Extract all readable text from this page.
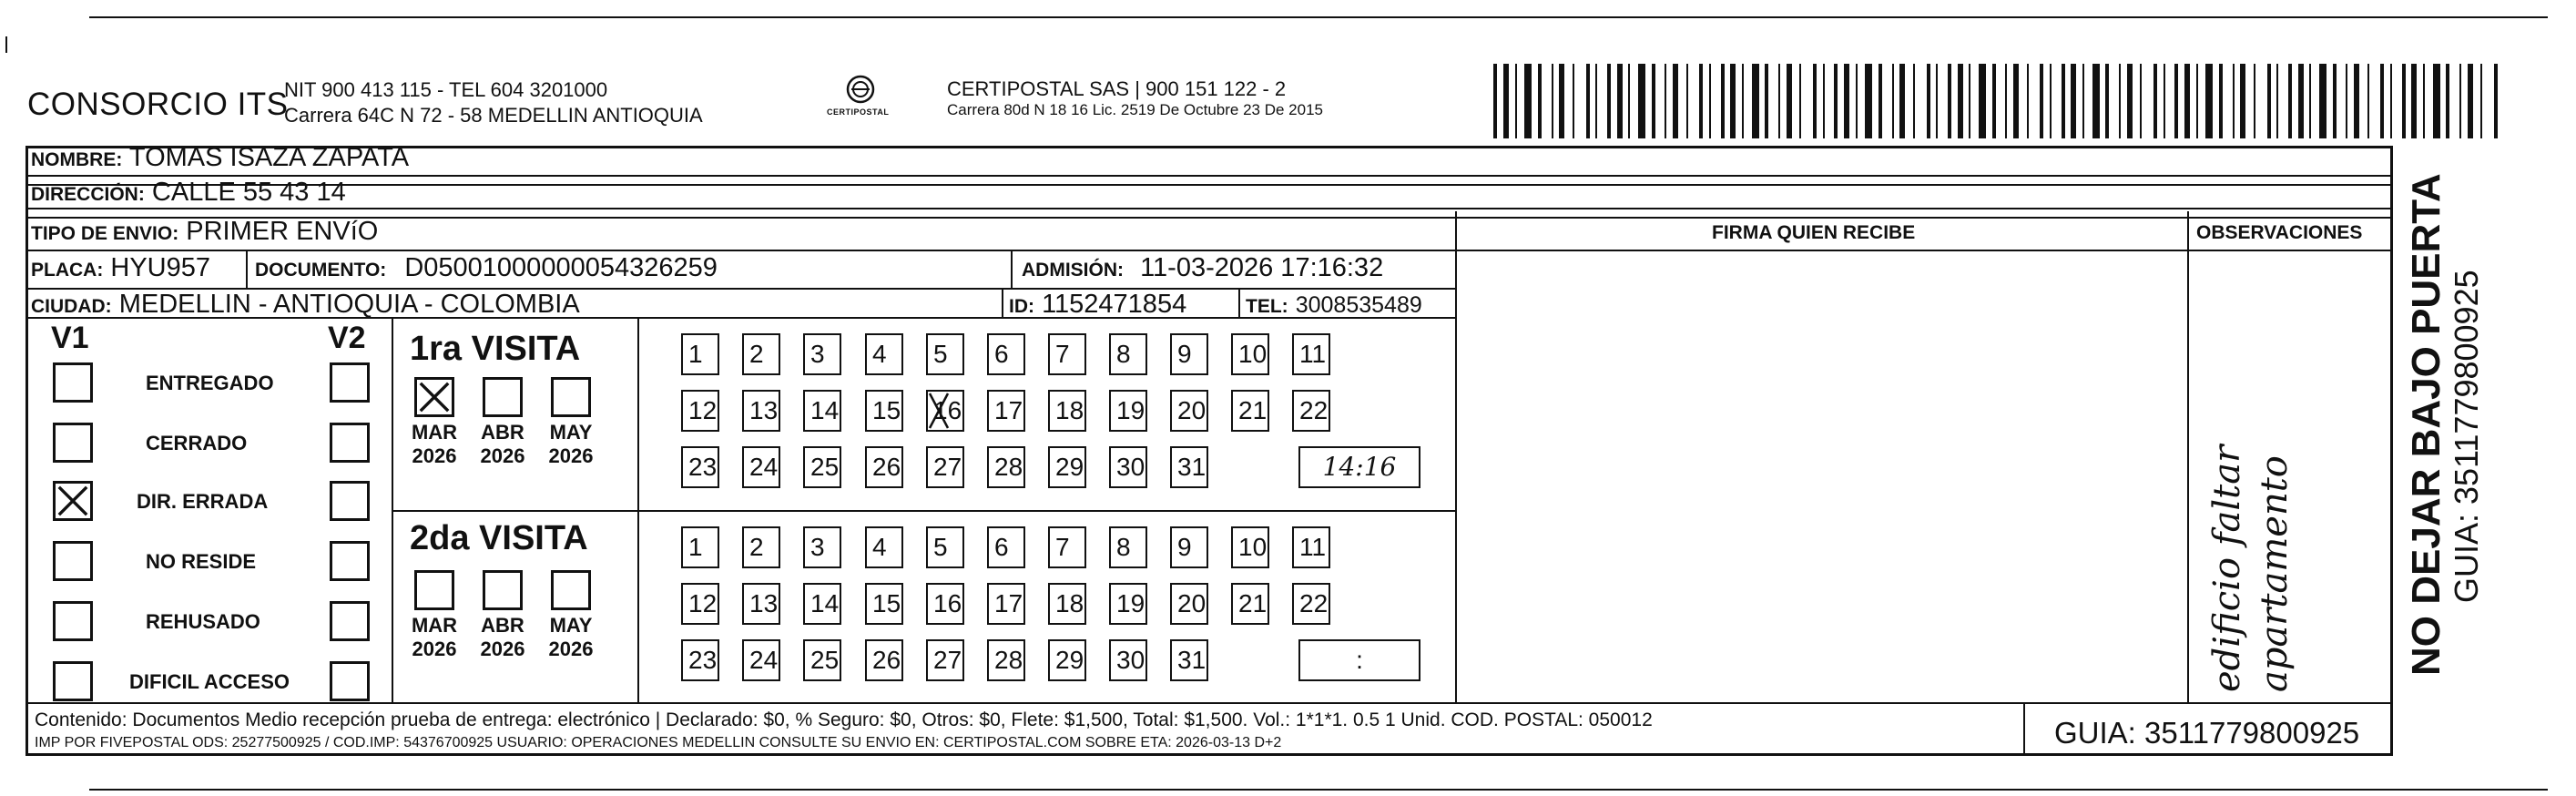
CONSORCIO ITS
NIT 900 413 115 - TEL 604 3201000
Carrera 64C N 72 - 58 MEDELLIN ANTIOQUIA	CERTIPOSTAL
CERTIPOSTAL SAS | 900 151 122 - 2
Carrera 80d N 18 16 Lic. 2519 De Octubre 23 De 2015
NOMBRE: TOMAS ISAZA ZAPATA
DIRECCIÓN: CALLE 55 43 14
TIPO DE ENVIO: PRIMER ENVíO
PLACA: HYU957 DOCUMENTO: D05001000000054326259	ADMISIÓN: 11-03-2026 17:16:32
CIUDAD: MEDELLIN - ANTIOQUIA - COLOMBIA	ID: 1152471854	TEL: 3008535489
FIRMA QUIEN RECIBE	OBSERVACIONES
edificio faltar apartamento	NO DEJAR BAJO PUERTA GUIA: 3511779800925
V1	V2 1ra VISITA
2da VISITA
Contenido: Documentos Medio recepción prueba de entrega: electrónico | Declarado: $0, % Seguro: $0, Otros: $0, Flete: $1,500, Total: $1,500. Vol.: 1*1*1. 0.5 1 Unid. COD. POSTAL: 050012
IMP POR FIVEPOSTAL ODS: 25277500925 / COD.IMP: 54376700925 USUARIO: OPERACIONES MEDELLIN CONSULTE SU ENVIO EN: CERTIPOSTAL.COM SOBRE ETA: 2026-03-13 D+2	GUIA: 3511779800925
ENTREGADO
CERRADO
DIR. ERRADA
NO RESIDE
REHUSADO
DIFICIL ACCESO
MAR
2026
ABR
2026
MAY
2026
1	2	3	4	5	6	7	8	9	10 11
12 13 14 15 16 17 18 19 20 21 22
23 24 25 26 27 28 29 30 31	14:16
MAR
2026
ABR
2026
MAY
2026
1	2	3	4	5	6	7	8	9	10 11
12 13 14 15 16 17 18 19 20 21 22
23 24 25 26 27 28 29 30 31	:
